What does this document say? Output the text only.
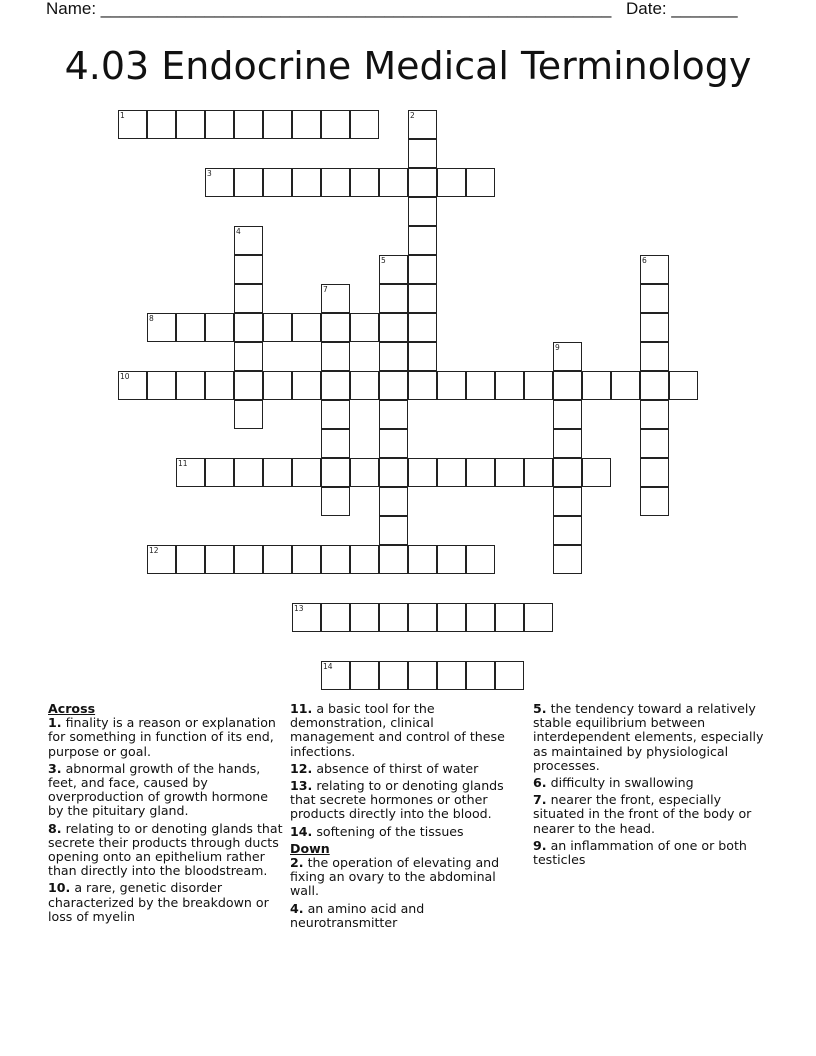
Name: ______________________________________________________ Date: _______
4.03 Endocrine Medical Terminology
1	2
3
4
5	6
7
8
9
10
11
12
13
14
Across
1. finality is a reason or explanation for something in function of its end, purpose or goal.
3. abnormal growth of the hands, feet, and face, caused by overproduction of growth hormone by the pituitary gland.
8. relating to or denoting glands that secrete their products through ducts opening onto an epithelium rather than directly into the bloodstream.
10. a rare, genetic disorder characterized by the breakdown or loss of myelin
11. a basic tool for the demonstration, clinical management and control of these infections.
12. absence of thirst of water
13. relating to or denoting glands that secrete hormones or other products directly into the blood.
14. softening of the tissues
Down
2. the operation of elevating and fixing an ovary to the abdominal wall.
4. an amino acid and neurotransmitter
5. the tendency toward a relatively stable equilibrium between interdependent elements, especially as maintained by physiological processes.
6. difficulty in swallowing
7. nearer the front, especially situated in the front of the body or nearer to the head.
9. an inflammation of one or both testicles
